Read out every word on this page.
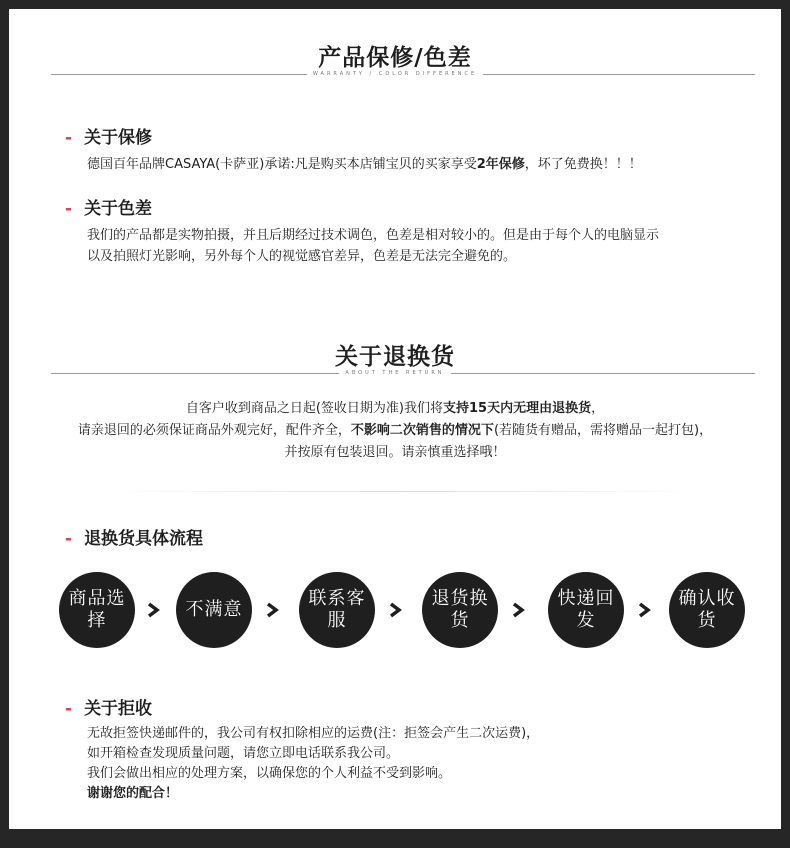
产品保修/色差
WARRANTY / COLOR DIFFERENCE
- 关于保修
德国百年品牌CASAYA(卡萨亚)承诺:凡是购买本店铺宝贝的买家享受2年保修，坏了免费换！！！
- 关于色差
我们的产品都是实物拍摄，并且后期经过技术调色，色差是相对较小的。但是由于每个人的电脑显示
以及拍照灯光影响，另外每个人的视觉感官差异，色差是无法完全避免的。
关于退换货
ABOUT THE RETURN
自客户收到商品之日起(签收日期为准)我们将支持15天内无理由退换货，
请亲退回的必须保证商品外观完好，配件齐全，不影响二次销售的情况下(若随货有赠品，需将赠品一起打包)，
并按原有包装退回。请亲慎重选择哦！
- 退换货具体流程
商品选择
不满意
联系客服
退货换货
快递回发
确认收货
- 关于拒收
无故拒签快递邮件的，我公司有权扣除相应的运费(注：拒签会产生二次运费)，
如开箱检查发现质量问题，请您立即电话联系我公司。
我们会做出相应的处理方案，以确保您的个人利益不受到影响。
谢谢您的配合！
